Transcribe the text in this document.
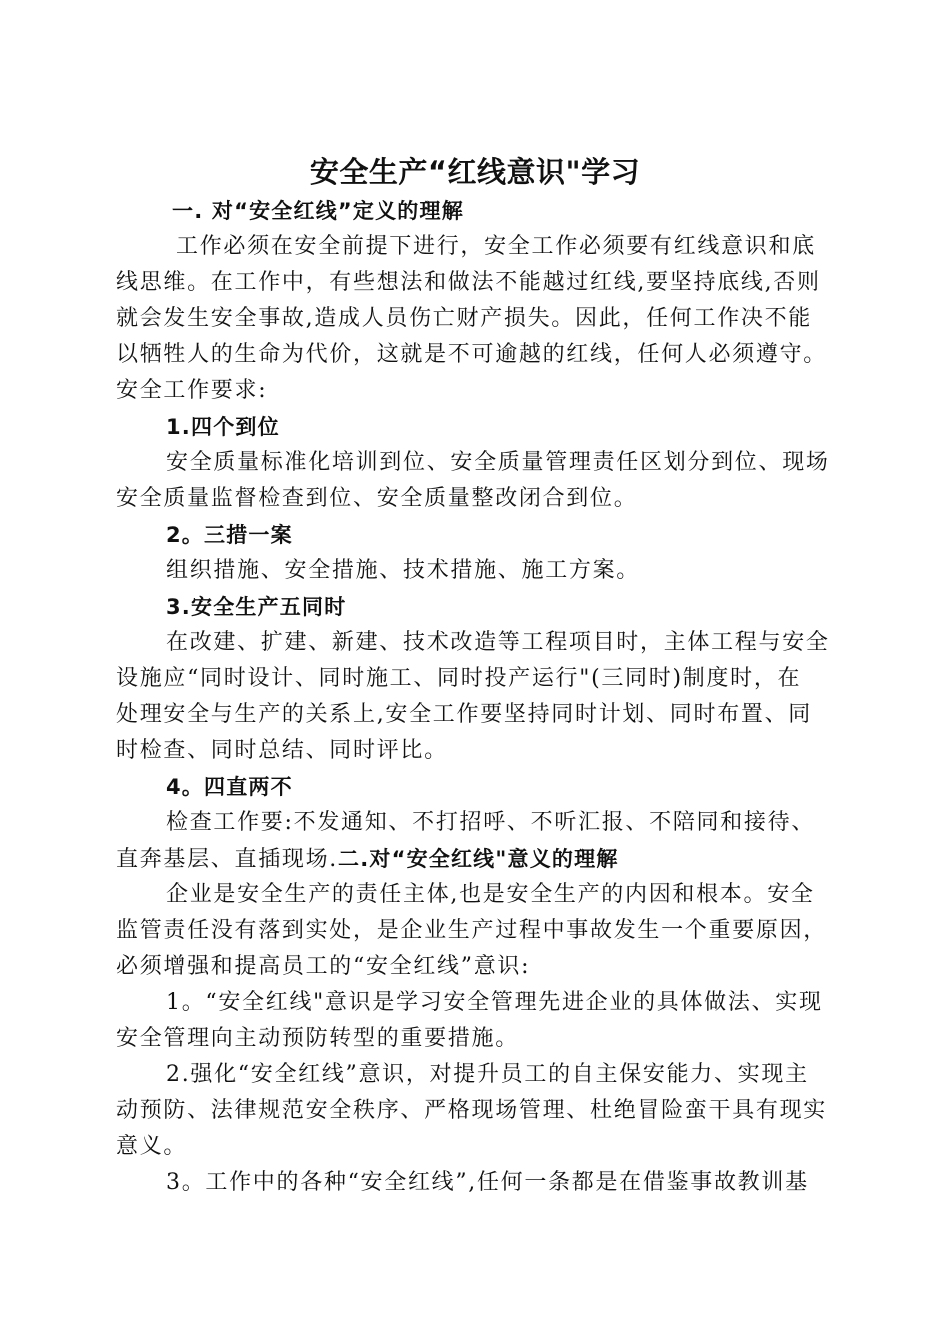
安全生产“红线意识"学习
一. 对“安全红线”定义的理解
工作必须在安全前提下进行，安全工作必须要有红线意识和底
线思维。在工作中，有些想法和做法不能越过红线,要坚持底线,否则
就会发生安全事故,造成人员伤亡财产损失。因此，任何工作决不能
以牺牲人的生命为代价，这就是不可逾越的红线，任何人必须遵守。
安全工作要求:
1.四个到位
安全质量标准化培训到位、安全质量管理责任区划分到位、现场
安全质量监督检查到位、安全质量整改闭合到位。
2。三措一案
组织措施、安全措施、技术措施、施工方案。
3.安全生产五同时
在改建、扩建、新建、技术改造等工程项目时，主体工程与安全
设施应“同时设计、同时施工、同时投产运行"(三同时)制度时，在
处理安全与生产的关系上,安全工作要坚持同时计划、同时布置、同
时检查、同时总结、同时评比。
4。四直两不
检查工作要:不发通知、不打招呼、不听汇报、不陪同和接待、
直奔基层、直插现场.二.对“安全红线"意义的理解
企业是安全生产的责任主体,也是安全生产的内因和根本。安全
监管责任没有落到实处，是企业生产过程中事故发生一个重要原因，
必须增强和提高员工的“安全红线”意识:
1。“安全红线"意识是学习安全管理先进企业的具体做法、实现
安全管理向主动预防转型的重要措施。
2.强化“安全红线”意识，对提升员工的自主保安能力、实现主
动预防、法律规范安全秩序、严格现场管理、杜绝冒险蛮干具有现实
意义。
3。工作中的各种“安全红线”,任何一条都是在借鉴事故教训基
